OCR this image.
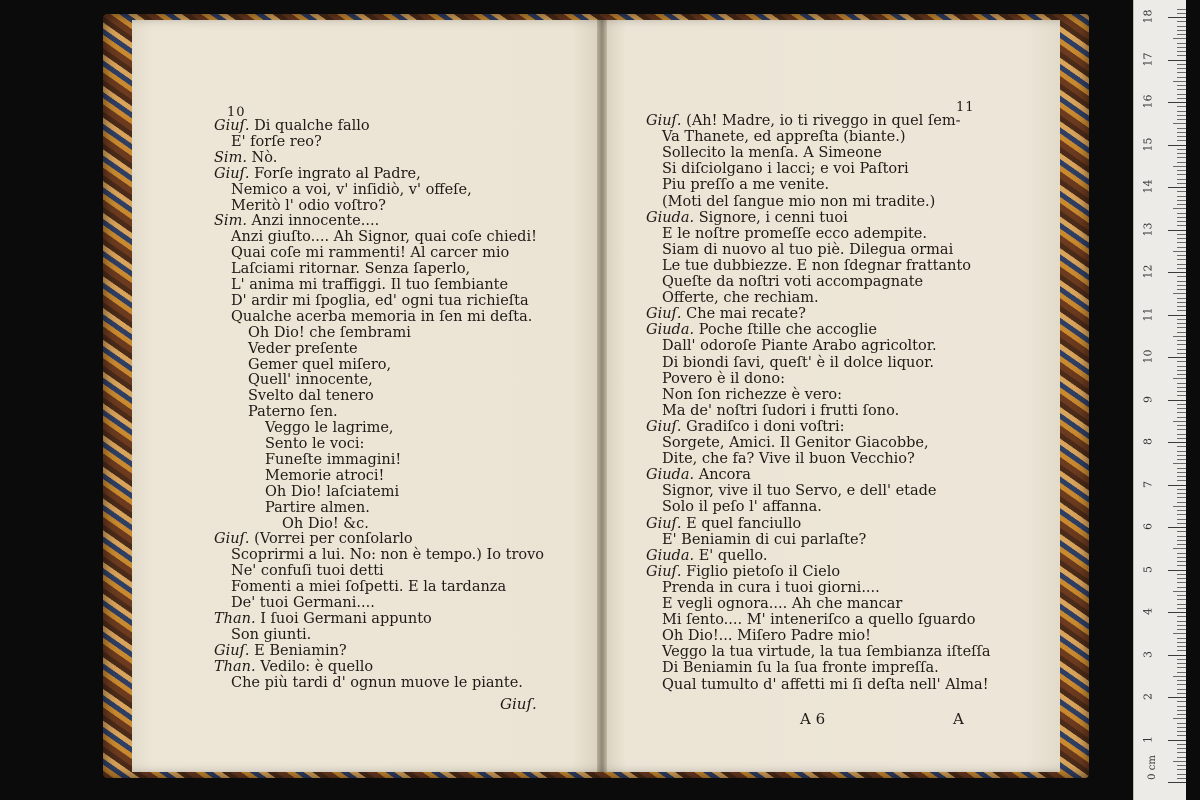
10
Giuſ. Di qualche fallo
E' forſe reo?
Sim. Nò.
Giuſ. Forſe ingrato al Padre,
Nemico a voi, v' inſidiò, v' offeſe,
Meritò l' odio voſtro?
Sim. Anzi innocente....
Anzi giuſto.... Ah Signor, quai coſe chiedi!
Quai coſe mi rammenti! Al carcer mio
Laſciami ritornar. Senza ſaperlo,
L' anima mi traffiggi. Il tuo ſembiante
D' ardir mi ſpoglia, ed' ogni tua richieſta
Qualche acerba memoria in ſen mi deſta.
Oh Dio! che ſembrami
Veder preſente
Gemer quel miſero,
Quell' innocente,
Svelto dal tenero
Paterno ſen.
Veggo le lagrime,
Sento le voci:
Funeſte immagini!
Memorie atroci!
Oh Dio! laſciatemi
Partire almen.
Oh Dio! &c.
Giuſ. (Vorrei per conſolarlo
Scoprirmi a lui. No: non è tempo.) Io trovo
Ne' confuſi tuoi detti
Fomenti a miei ſoſpetti. E la tardanza
De' tuoi Germani....
Than. I ſuoi Germani appunto
Son giunti.
Giuſ. E Beniamin?
Than. Vedilo: è quello
Che più tardi d' ognun muove le piante.
Giuſ.
11
Giuſ. (Ah! Madre, io ti riveggo in quel ſem-
Va Thanete, ed appreſta (biante.)
Sollecito la menſa. A Simeone
Si diſciolgano i lacci; e voi Paſtori
Piu preſſo a me venite.
(Moti del ſangue mio non mi tradite.)
Giuda. Signore, i cenni tuoi
E le noſtre promeſſe ecco adempite.
Siam di nuovo al tuo piè. Dilegua ormai
Le tue dubbiezze. E non ſdegnar frattanto
Queſte da noſtri voti accompagnate
Offerte, che rechiam.
Giuſ. Che mai recate?
Giuda. Poche ſtille che accoglie
Dall' odoroſe Piante Arabo agricoltor.
Di biondi ſavi, queſt' è il dolce liquor.
Povero è il dono:
Non ſon richezze è vero:
Ma de' noſtri ſudori i frutti ſono.
Giuſ. Gradiſco i doni voſtri:
Sorgete, Amici. Il Genitor Giacobbe,
Dite, che fa? Vive il buon Vecchio?
Giuda. Ancora
Signor, vive il tuo Servo, e dell' etade
Solo il peſo l' affanna.
Giuſ. E quel fanciullo
E' Beniamin di cui parlaſte?
Giuda. E' quello.
Giuſ. Figlio pietoſo il Cielo
Prenda in cura i tuoi giorni....
E vegli ognora.... Ah che mancar
Mi ſento.... M' inteneriſco a quello ſguardo
Oh Dio!... Miſero Padre mio!
Veggo la tua virtude, la tua ſembianza iſteſſa
Di Beniamin ſu la ſua fronte impreſſa.
Qual tumulto d' affetti mi ſi deſta nell' Alma!
A 6	A
0 cm
1
2
3
4
5
6
7
8
9
10
11
12
13
14
15
16
17
18
